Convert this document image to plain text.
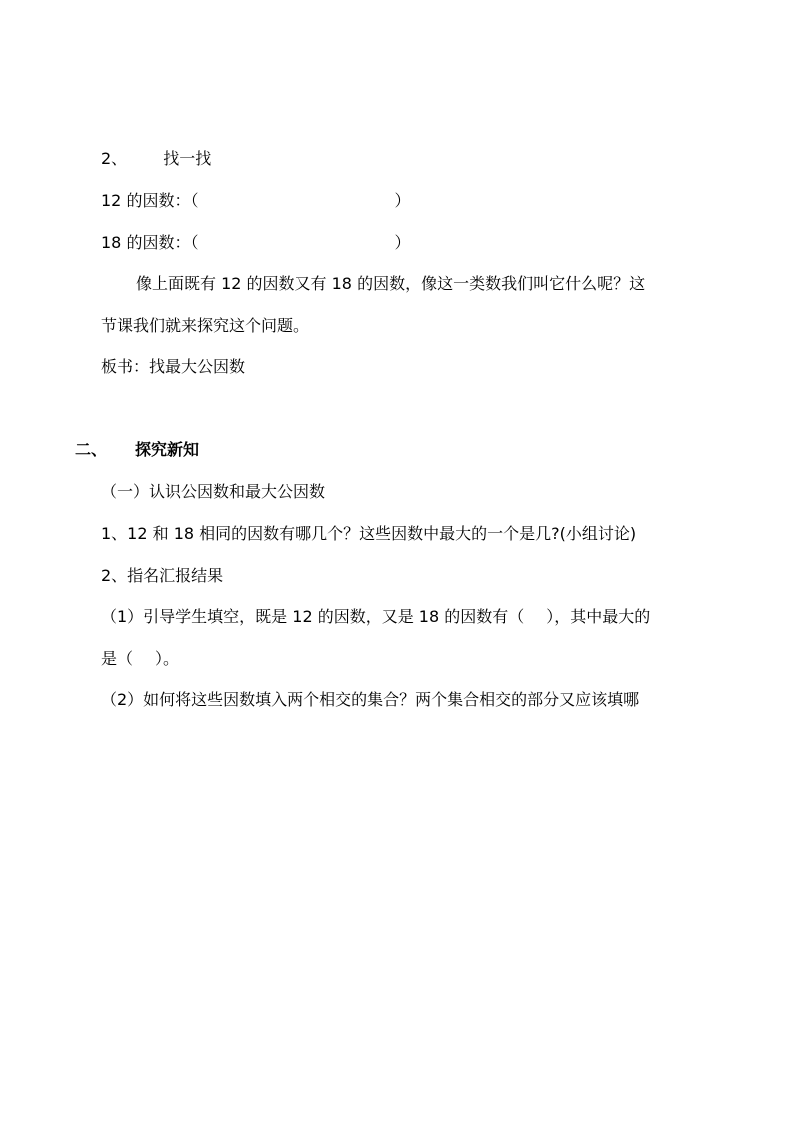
2、 找一找
12 的因数：（	）
18 的因数：（	）
像上面既有 12 的因数又有 18 的因数，像这一类数我们叫它什么呢？这
节课我们就来探究这个问题。
板书：找最大公因数
二、 探究新知
（一）认识公因数和最大公因数
1、12 和 18 相同的因数有哪几个？这些因数中最大的一个是几?(小组讨论)
2、指名汇报结果
（1）引导学生填空，既是 12 的因数，又是 18 的因数有（ ），其中最大的
是（ ）。
（2）如何将这些因数填入两个相交的集合？两个集合相交的部分又应该填哪
